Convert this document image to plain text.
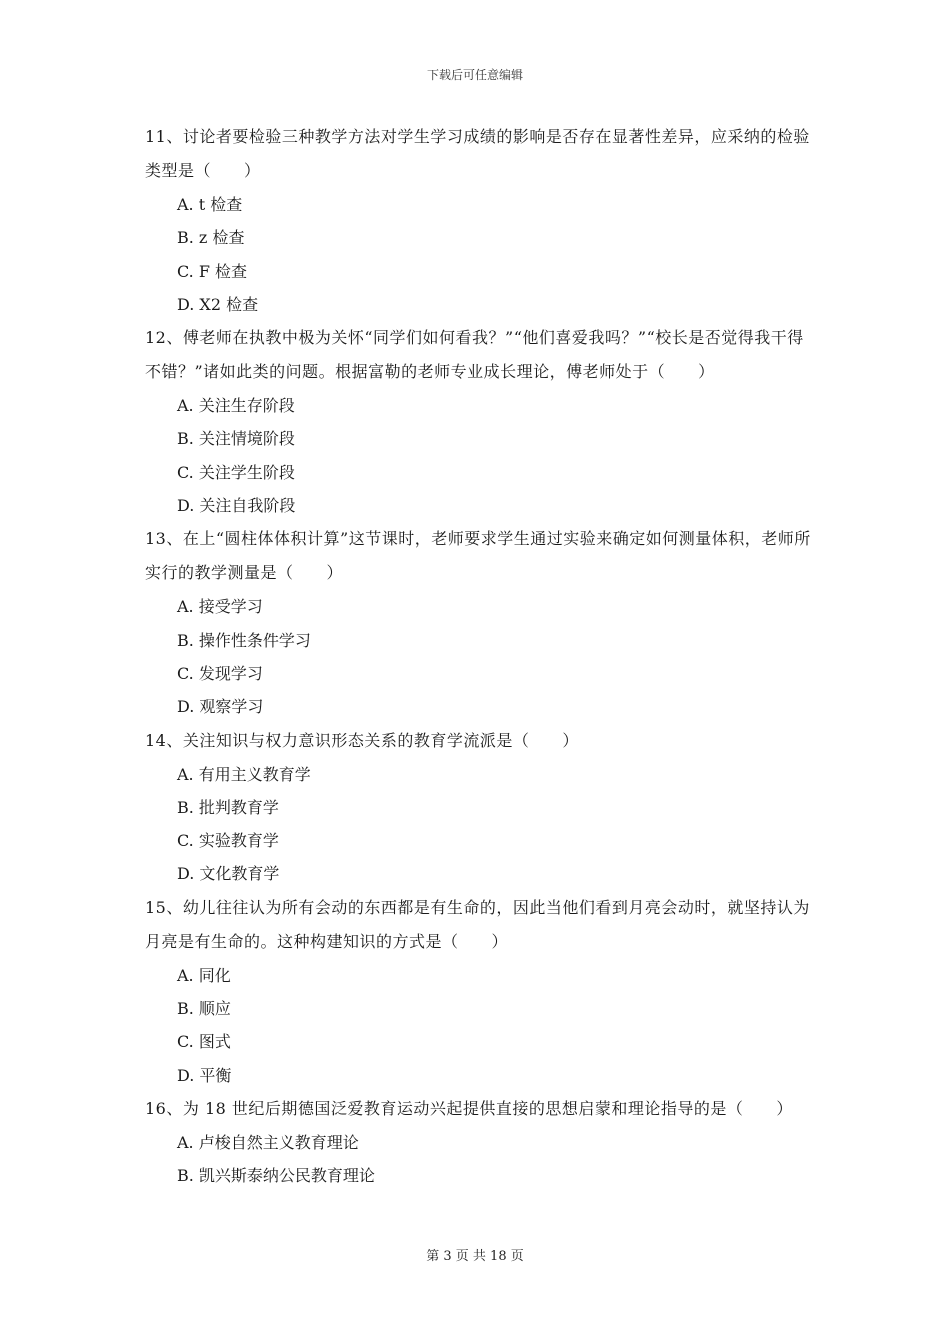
下载后可任意编辑

11、讨论者要检验三种教学方法对学生学习成绩的影响是否存在显著性差异，应采纳的检验类型是（　　）

A. t 检查

B. z 检查

C. F 检查

D. X2 检查

12、傅老师在执教中极为关怀“同学们如何看我？”“他们喜爱我吗？”“校长是否觉得我干得不错？”诸如此类的问题。根据富勒的老师专业成长理论，傅老师处于（　　）

A. 关注生存阶段

B. 关注情境阶段

C. 关注学生阶段

D. 关注自我阶段

13、在上“圆柱体体积计算”这节课时，老师要求学生通过实验来确定如何测量体积，老师所实行的教学测量是（　　）

A. 接受学习

B. 操作性条件学习

C. 发现学习

D. 观察学习

14、关注知识与权力意识形态关系的教育学流派是（　　）

A. 有用主义教育学

B. 批判教育学

C. 实验教育学

D. 文化教育学

15、幼儿往往认为所有会动的东西都是有生命的，因此当他们看到月亮会动时，就坚持认为月亮是有生命的。这种构建知识的方式是（　　）

A. 同化

B. 顺应

C. 图式

D. 平衡

16、为 18 世纪后期德国泛爱教育运动兴起提供直接的思想启蒙和理论指导的是（　　）

A. 卢梭自然主义教育理论

B. 凯兴斯泰纳公民教育理论

第 3 页 共 18 页
